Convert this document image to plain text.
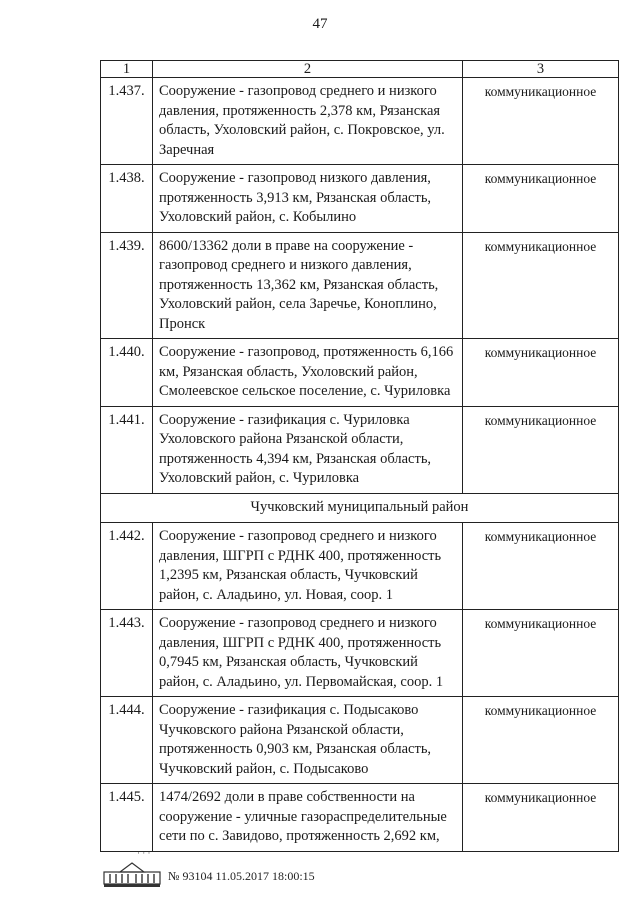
47
1	2	3
1.437.	Сооружение - газопровод среднего и низкого давления, протяженность 2,378 км, Рязанская область, Ухоловский район, с. Покровское, ул. Заречная	коммуникационное
1.438.	Сооружение - газопровод низкого давления, протяженность 3,913 км, Рязанская область, Ухоловский район, с. Кобылино	коммуникационное
1.439.	8600/13362 доли в праве на сооружение - газопровод среднего и низкого давления, протяженность 13,362 км, Рязанская область, Ухоловский район, села Заречье, Коноплино, Пронск	коммуникационное
1.440.	Сооружение - газопровод, протяженность 6,166 км, Рязанская область, Ухоловский район, Смолеевское сельское поселение, с. Чуриловка	коммуникационное
1.441.	Сооружение - газификация с. Чуриловка Ухоловского района Рязанской области, протяженность 4,394 км, Рязанская область, Ухоловский район, с. Чуриловка	коммуникационное
Чучковский муниципальный район		
1.442.	Сооружение - газопровод среднего и низкого давления, ШГРП с РДНК 400, протяженность 1,2395 км, Рязанская область, Чучковский район, с. Аладьино, ул. Новая, соор. 1	коммуникационное
1.443.	Сооружение - газопровод среднего и низкого давления, ШГРП с РДНК 400, протяженность 0,7945 км, Рязанская область, Чучковский район, с. Аладьино, ул. Первомайская, соор. 1	коммуникационное
1.444.	Сооружение - газификация с. Подысаково Чучковского района Рязанской области, протяженность 0,903 км, Рязанская область, Чучковский район, с. Подысаково	коммуникационное
1.445.	1474/2692 доли в праве собственности на сооружение - уличные газораспределительные сети по с. Завидово, протяженность 2,692 км,	коммуникационное
· · ·
№ 93104 11.05.2017 18:00:15
